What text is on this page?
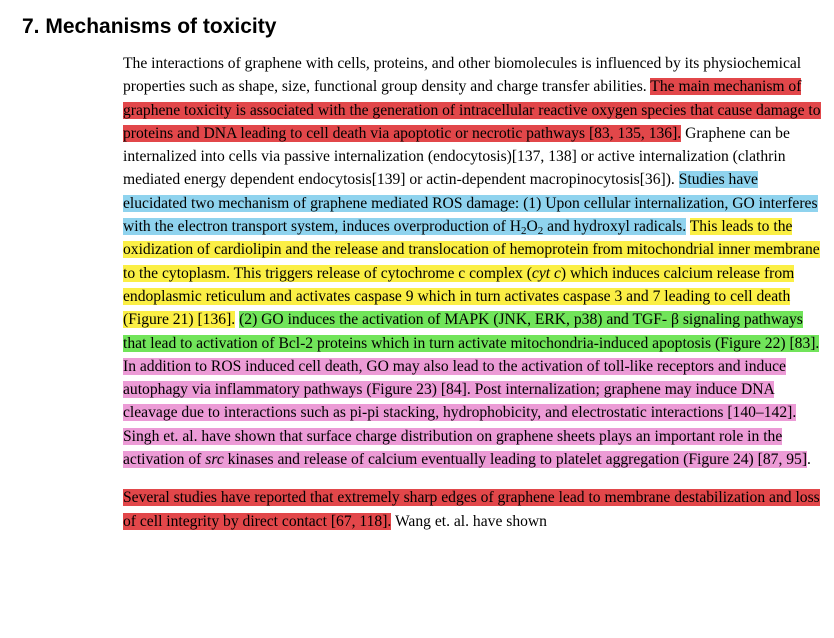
7. Mechanisms of toxicity

The interactions of graphene with cells, proteins, and other biomolecules is influenced by its physiochemical properties such as shape, size, functional group density and charge transfer abilities. The main mechanism of graphene toxicity is associated with the generation of intracellular reactive oxygen species that cause damage to proteins and DNA leading to cell death via apoptotic or necrotic pathways [83, 135, 136]. Graphene can be internalized into cells via passive internalization (endocytosis)[137, 138] or active internalization (clathrin mediated energy dependent endocytosis[139] or actin-dependent macropinocytosis[36]). Studies have elucidated two mechanism of graphene mediated ROS damage: (1) Upon cellular internalization, GO interferes with the electron transport system, induces overproduction of $H_2O_2$ and hydroxyl radicals. This leads to the oxidization of cardiolipin and the release and translocation of hemoprotein from mitochondrial inner membrane to the cytoplasm. This triggers release of cytochrome c complex (cyt c) which induces calcium release from endoplasmic reticulum and activates caspase 9 which in turn activates caspase 3 and 7 leading to cell death (Figure 21) [136]. (2) GO induces the activation of MAPK (JNK, ERK, p38) and TGF- β signaling pathways that lead to activation of Bcl-2 proteins which in turn activate mitochondria-induced apoptosis (Figure 22) [83]. In addition to ROS induced cell death, GO may also lead to the activation of toll-like receptors and induce autophagy via inflammatory pathways (Figure 23) [84]. Post internalization; graphene may induce DNA cleavage due to interactions such as pi-pi stacking, hydrophobicity, and electrostatic interactions [140–142]. Singh et. al. have shown that surface charge distribution on graphene sheets plays an important role in the activation of src kinases and release of calcium eventually leading to platelet aggregation (Figure 24) [87, 95].

Several studies have reported that extremely sharp edges of graphene lead to membrane destabilization and loss of cell integrity by direct contact [67, 118]. Wang et. al. have shown
